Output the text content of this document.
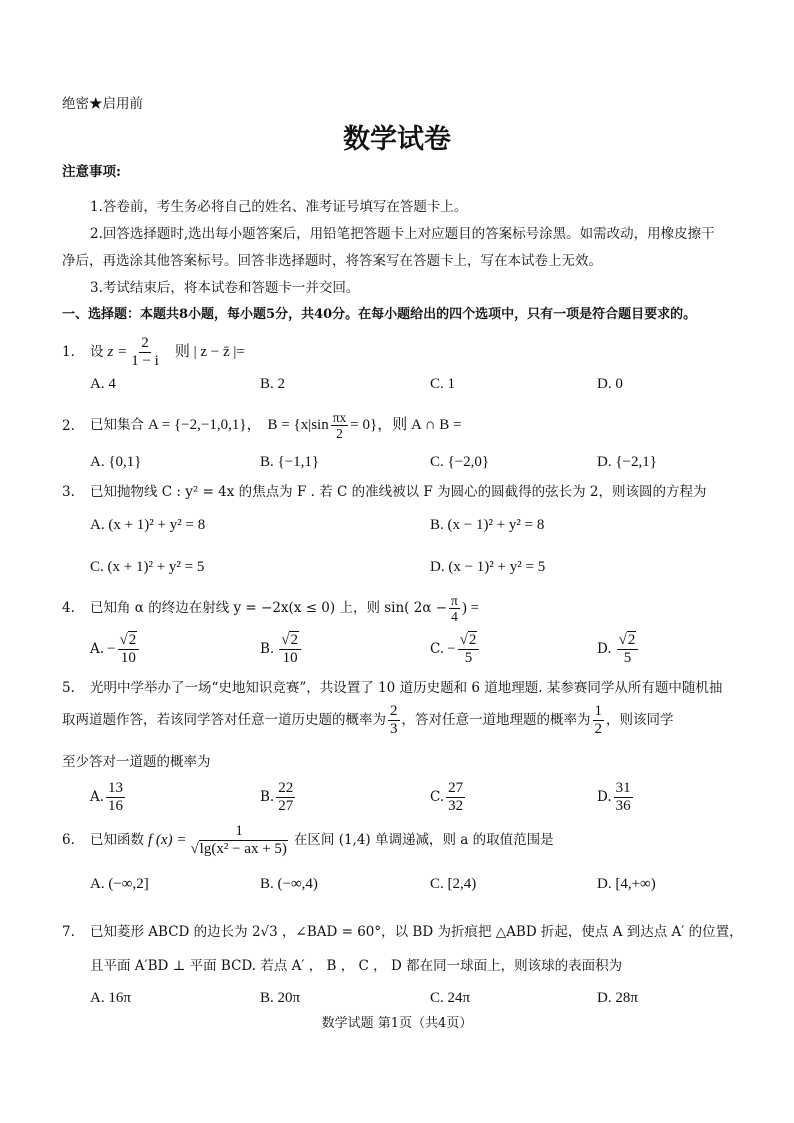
绝密★启用前
数学试卷
注意事项:
1.答卷前，考生务必将自己的姓名、准考证号填写在答题卡上。
2.回答选择题时,选出每小题答案后，用铅笔把答题卡上对应题目的答案标号涂黑。如需改动，用橡皮擦干
净后，再选涂其他答案标号。回答非选择题时，将答案写在答题卡上，写在本试卷上无效。
3.考试结束后，将本试卷和答题卡一并交回。
一、选择题：本题共8小题，每小题5分，共40分。在每小题给出的四个选项中，只有一项是符合题目要求的。
1. 设 $z = \frac{2}{1 - i}$ 则 | z − z̄ |=
A. 4	B. 2	C. 1	D. 0
2. 已知集合 A = {−2,−1,0,1}， $B = \{x|\sin \frac{\pi x}{2} = 0\}$，则 A ∩ B =
A. {0,1}	B. {−1,1}	C. {−2,0}	D. {−2,1}
3. 已知抛物线 C : y² = 4x 的焦点为 F . 若 C 的准线被以 F 为圆心的圆截得的弦长为 2，则该圆的方程为
A. (x + 1)² + y² = 8	B. (x − 1)² + y² = 8
C. (x + 1)² + y² = 5	D. (x − 1)² + y² = 5
4. 已知角 α 的终边在射线 y = −2x(x ≤ 0) 上，则 sin( $2\alpha - \frac{\pi}{4}$ ) =
A. − $\frac{√2}{10}$	B. $\frac{√2}{10}$	C. − $\frac{√2}{5}$	D. $\frac{√2}{5}$
5. 光明中学举办了一场“史地知识竞赛”，共设置了 10 道历史题和 6 道地理题. 某参赛同学从所有题中随机抽
取两道题作答，若该同学答对任意一道历史题的概率为 $\frac{2}{3}$ ，答对任意一道地理题的概率为 $\frac{1}{2}$ ，则该同学
至少答对一道题的概率为
A. $\frac{13}{16}$	B. $\frac{22}{27}$	C. $\frac{27}{32}$	D. $\frac{31}{36}$
6. 已知函数 f $(x) = \frac{1}{\text{√lg(x² − ax + 5)}}$ 在区间 (1,4) 单调递减，则 a 的取值范围是
A. (−∞,2]	B. (−∞,4)	C. [2,4)	D. [4,+∞)
7. 已知菱形 ABCD 的边长为 2√3 ，∠BAD = 60°，以 BD 为折痕把 △ABD 折起，使点 A 到达点 A′ 的位置，
且平面 A′BD ⊥ 平面 BCD. 若点 A′ ， B ， C ， D 都在同一球面上，则该球的表面积为
A. 16π	B. 20π	C. 24π	D. 28π
数学试题 第1页（共4页）
